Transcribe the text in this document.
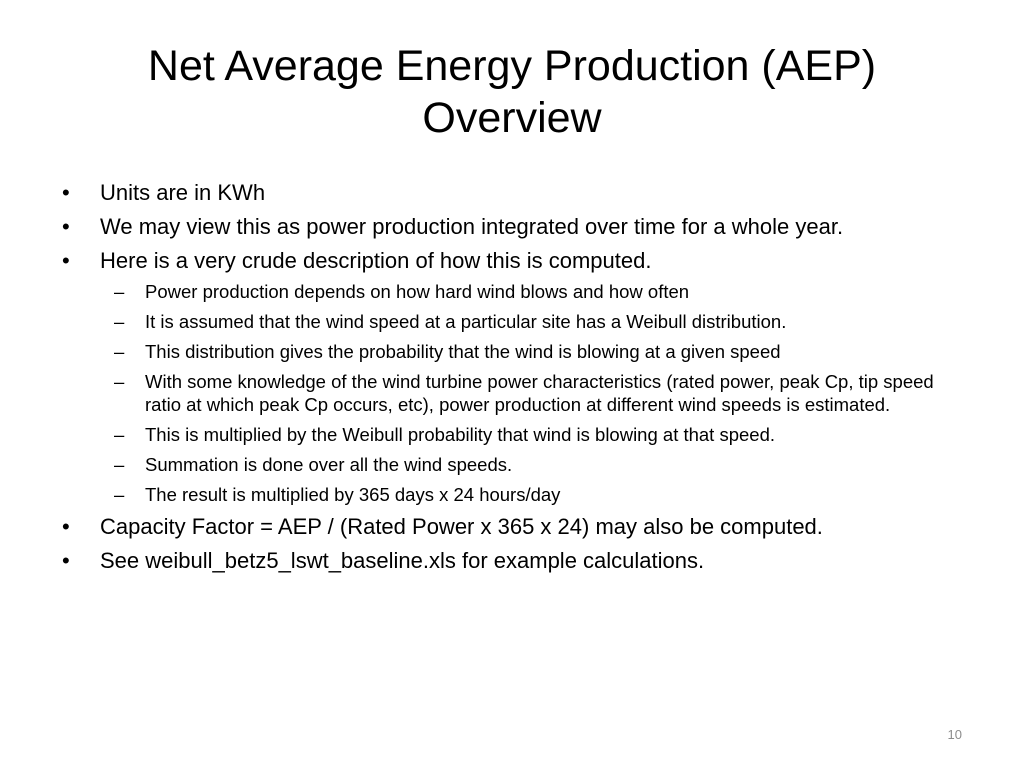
Net Average Energy Production (AEP)
Overview
•	Units are in KWh
•	We may view this as power production integrated over time for a whole year.
•	Here is a very crude description of how this is computed.
–	Power production depends on how hard wind blows and how often
–	It is assumed that the wind speed at a particular site has a Weibull distribution.
–	This distribution gives the probability that the wind is blowing at a given speed
–	With some knowledge of the wind turbine power characteristics (rated power, peak Cp, tip speed ratio at which peak Cp occurs, etc), power production at different wind speeds is estimated.
–	This is multiplied by the Weibull probability that wind is blowing at that speed.
–	Summation is done over all the wind speeds.
–	The result is multiplied by 365 days x 24 hours/day
•	Capacity Factor = AEP / (Rated Power x 365 x 24) may also be computed.
•	See weibull_betz5_lswt_baseline.xls for example calculations.
10
